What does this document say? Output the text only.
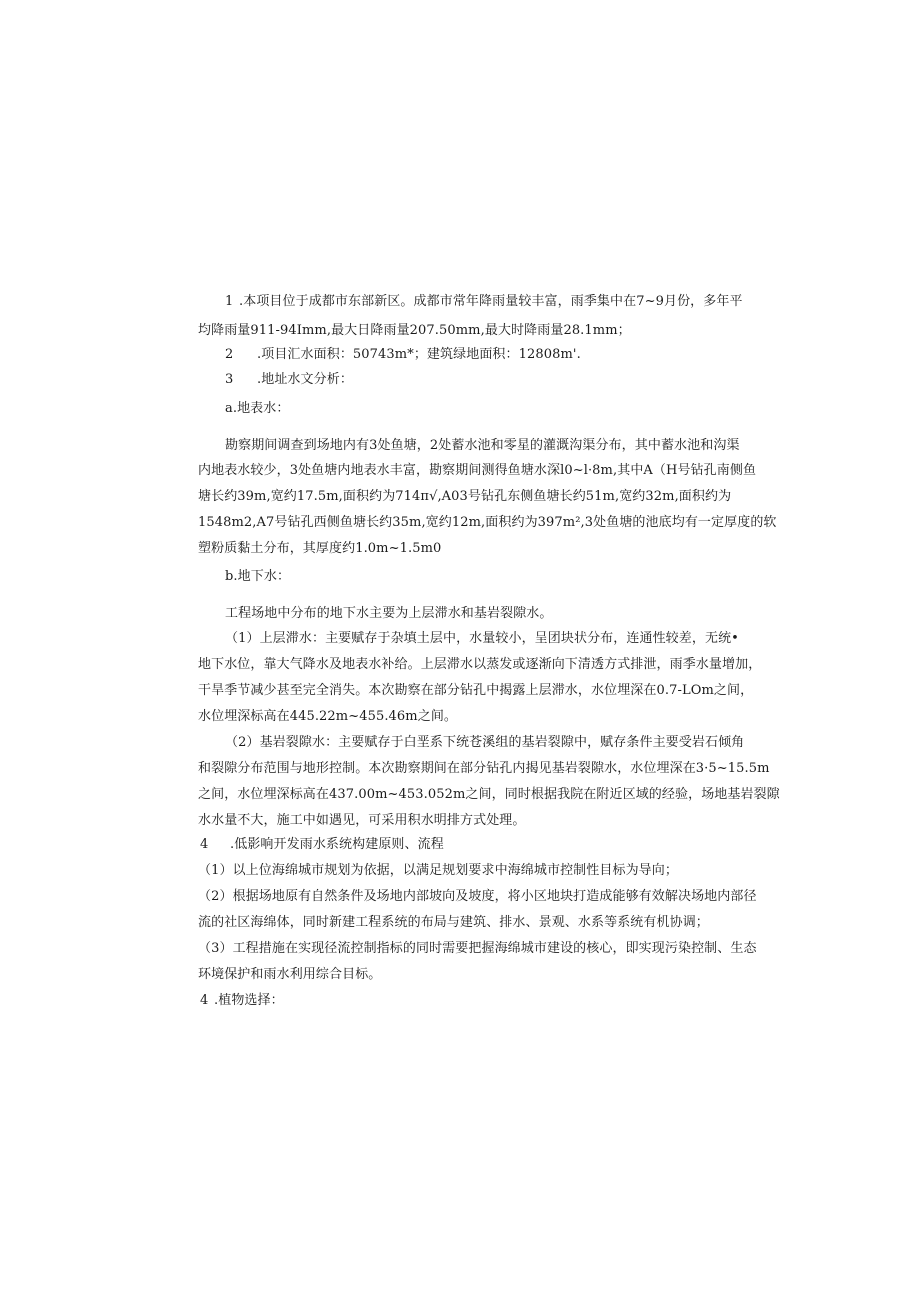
1 .本项目位于成都市东部新区。成都市常年降雨量较丰富，雨季集中在7~9月份，多年平

均降雨量911-94Imm,最大日降雨量207.50mm,最大时降雨量28.1mm；

2 .项目汇水面积：50743m*；建筑绿地面积：12808m'.

3 .地址水文分析：

a.地表水：

勘察期间调查到场地内有3处鱼塘，2处蓄水池和零星的灌溉沟渠分布，其中蓄水池和沟渠

内地表水较少，3处鱼塘内地表水丰富，勘察期间测得鱼塘水深l0~l·8m,其中A（H号钻孔南侧鱼

塘长约39m,宽约17.5m,面积约为714π√,A03号钻孔东侧鱼塘长约51m,宽约32m,面积约为

1548m2,A7号钻孔西侧鱼塘长约35m,宽约12m,面积约为397m²,3处鱼塘的池底均有一定厚度的软

塑粉质黏土分布，其厚度约1.0m~1.5m0

b.地下水：

工程场地中分布的地下水主要为上层滞水和基岩裂隙水。

（1）上层滞水：主要赋存于杂填土层中，水量较小，呈团块状分布，连通性较差，无统•

地下水位，靠大气降水及地表水补给。上层滞水以蒸发或逐渐向下清透方式排泄，雨季水量增加，

干旱季节减少甚至完全消失。本次勘察在部分钻孔中揭露上层滞水，水位埋深在0.7-LOm之间，

水位埋深标高在445.22m~455.46m之间。

（2）基岩裂隙水：主要赋存于白垩系下统苍溪组的基岩裂隙中，赋存条件主要受岩石倾角

和裂隙分布范围与地形控制。本次勘察期间在部分钻孔内揭见基岩裂隙水，水位埋深在3·5~15.5m

之间，水位埋深标高在437.00m~453.052m之间，同时根据我院在附近区域的经验，场地基岩裂隙

水水量不大，施工中如遇见，可采用积水明排方式处理。

4 .低影响开发雨水系统构建原则、流程

（1）以上位海绵城市规划为依据，以满足规划要求中海绵城市控制性目标为导向；

（2）根据场地原有自然条件及场地内部坡向及坡度，将小区地块打造成能够有效解决场地内部径

流的社区海绵体，同时新建工程系统的布局与建筑、排水、景观、水系等系统有机协调；

（3）工程措施在实现径流控制指标的同时需要把握海绵城市建设的核心，即实现污染控制、生态

环境保护和雨水利用综合目标。

4 .植物选择：
